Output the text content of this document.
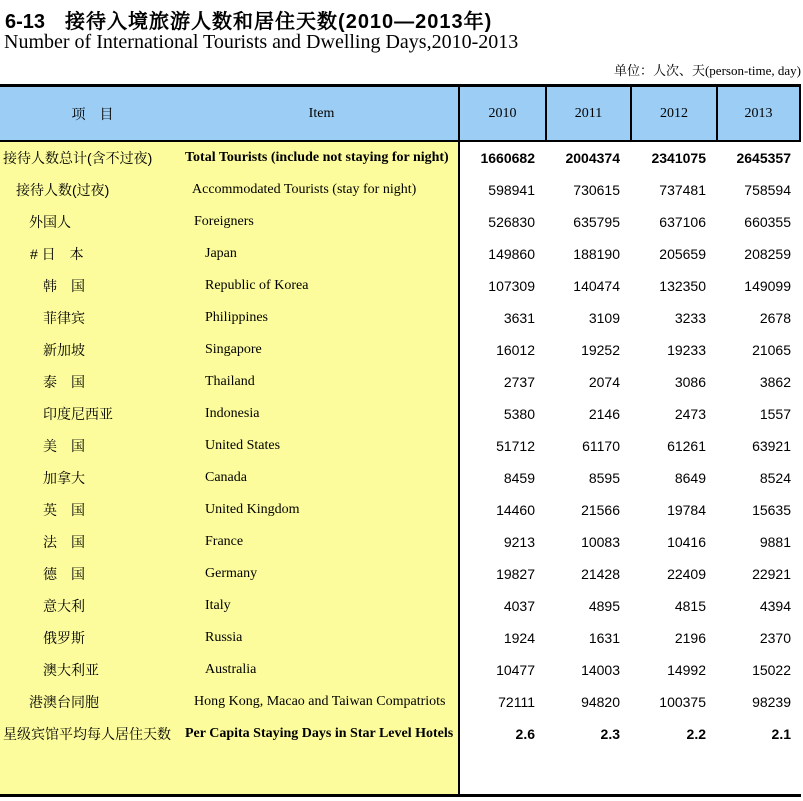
6-13 接待入境旅游人数和居住天数(2010—2013年)
Number of International Tourists and Dwelling Days,2010-2013
单位：人次、天(person-time, day)
项　目	Item	2010	2011	2012	2013
接待人数总计(含不过夜)	Total Tourists (include not staying for night)	1660682	2004374	2341075	2645357
接待人数(过夜)	Accommodated Tourists (stay for night)	598941	730615	737481	758594
外国人	Foreigners	526830	635795	637106	660355
# 日　本	Japan	149860	188190	205659	208259
韩　国	Republic of Korea	107309	140474	132350	149099
菲律宾	Philippines	3631	3109	3233	2678
新加坡	Singapore	16012	19252	19233	21065
泰　国	Thailand	2737	2074	3086	3862
印度尼西亚	Indonesia	5380	2146	2473	1557
美　国	United States	51712	61170	61261	63921
加拿大	Canada	8459	8595	8649	8524
英　国	United Kingdom	14460	21566	19784	15635
法　国	France	9213	10083	10416	9881
德　国	Germany	19827	21428	22409	22921
意大利	Italy	4037	4895	4815	4394
俄罗斯	Russia	1924	1631	2196	2370
澳大利亚	Australia	10477	14003	14992	15022
港澳台同胞	Hong Kong, Macao and Taiwan Compatriots	72111	94820	100375	98239
星级宾馆平均每人居住天数	Per Capita Staying Days in Star Level Hotels	2.6	2.3	2.2	2.1
